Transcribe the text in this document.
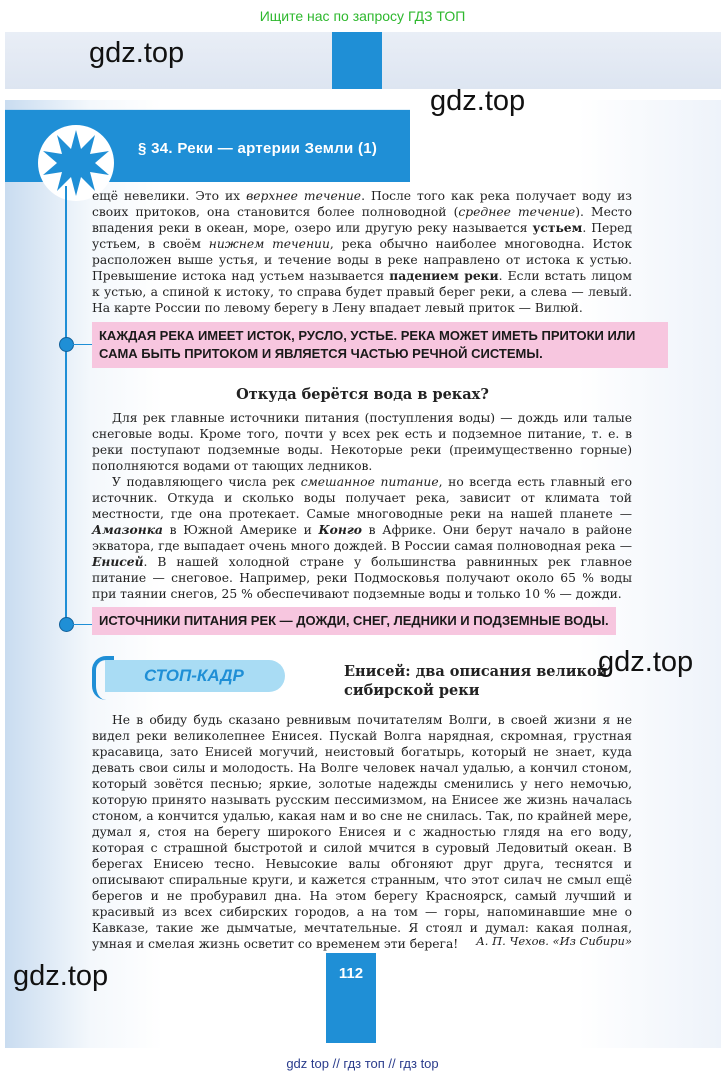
Ищите нас по запросу ГДЗ ТОП
gdz.top
§ 34. Реки — артерии Земли (1)
gdz.top

ещё невелики. Это их верхнее течение. После того как река получает воду из своих притоков, она становится более полноводной (среднее течение). Место впадения реки в океан, море, озеро или другую реку называется устьем. Перед устьем, в своём нижнем течении, река обычно наиболее многоводна. Исток расположен выше устья, и течение воды в реке направлено от истока к устью. Превышение истока над устьем называется падением реки. Если встать лицом к устью, а спиной к истоку, то справа будет правый берег реки, а слева — левый. На карте России по левому берегу в Лену впадает левый приток — Вилюй.

КАЖДАЯ РЕКА ИМЕЕТ ИСТОК, РУСЛО, УСТЬЕ. РЕКА МОЖЕТ ИМЕТЬ ПРИТОКИ ИЛИ САМА БЫТЬ ПРИТОКОМ И ЯВЛЯЕТСЯ ЧАСТЬЮ РЕЧНОЙ СИСТЕМЫ.
Откуда берётся вода в реках?

Для рек главные источники питания (поступления воды) — дождь или талые снеговые воды. Кроме того, почти у всех рек есть и подземное питание, т. е. в реки поступают подземные воды. Некоторые реки (преимущественно горные) пополняются водами от тающих ледников.

У подавляющего числа рек смешанное питание, но всегда есть главный его источник. Откуда и сколько воды получает река, зависит от климата той местности, где она протекает. Самые многоводные реки на нашей планете — Амазонка в Южной Америке и Конго в Африке. Они берут начало в районе экватора, где выпадает очень много дождей. В России самая полноводная река — Енисей. В нашей холодной стране у большинства равнинных рек главное питание — снеговое. Например, реки Подмосковья получают около 65 % воды при таянии снегов, 25 % обеспечивают подземные воды и только 10 % — дожди.

ИСТОЧНИКИ ПИТАНИЯ РЕК — ДОЖДИ, СНЕГ, ЛЕДНИКИ И ПОДЗЕМНЫЕ ВОДЫ.
СТОП-КАДР	Енисей: два описания великой
сибирской реки
gdz.top

Не в обиду будь сказано ревнивым почитателям Волги, в своей жизни я не видел реки великолепнее Енисея. Пускай Волга нарядная, скромная, грустная красавица, зато Енисей могучий, неистовый богатырь, который не знает, куда девать свои силы и молодость. На Волге человек начал удалью, а кончил стоном, который зовётся песнью; яркие, золотые надежды сменились у него немочью, которую принято называть русским пессимизмом, на Енисее же жизнь началась стоном, а кончится удалью, какая нам и во сне не снилась. Так, по крайней мере, думал я, стоя на берегу широкого Енисея и с жадностью глядя на его воду, которая с страшной быстротой и силой мчится в суровый Ледовитый океан. В берегах Енисею тесно. Невысокие валы обгоняют друг друга, теснятся и описывают спиральные круги, и кажется странным, что этот силач не смыл ещё берегов и не пробуравил дна. На этом берегу Красноярск, самый лучший и красивый из всех сибирских городов, а на том — горы, напоминавшие мне о Кавказе, такие же дымчатые, мечтательные. Я стоял и думал: какая полная, умная и смелая жизнь осветит со временем эти берега!	А. П. Чехов. «Из Сибири»
gdz.top	112
gdz top // гдз топ // гдз top
